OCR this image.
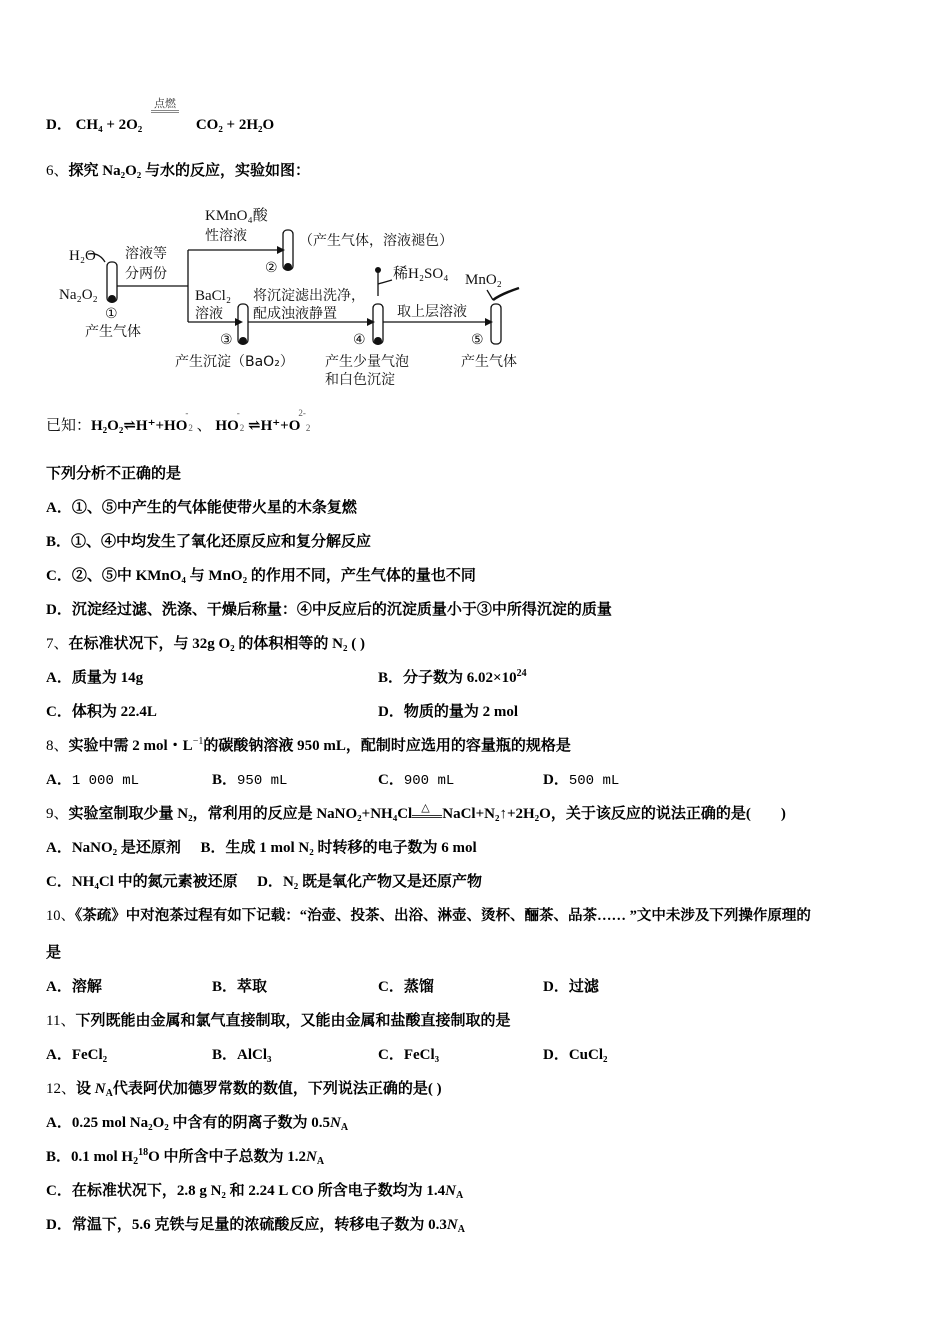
点燃
D． CH₄ + 2O₂	CO₂ + 2H₂O
6、探究 Na₂O₂ 与水的反应，实验如图：
H₂O
Na₂O₂
①
产生气体
溶液等
分两份
KMnO₄酸
性溶液
②
（产生气体，溶液褪色）
BaCl₂
溶液
③
产生沉淀（BaO₂）
将沉淀滤出洗净，
配成浊液静置
稀H₂SO₄
④
产生少量气泡
和白色沉淀
取上层溶液
MnO₂
⑤
产生气体
已知：H₂O₂⇌H⁺+HO-2 、 HO-2 $\rightleftharpoons H^++O^{2-}2$
下列分析不正确的是
A．①、⑤中产生的气体能使带火星的木条复燃
B．①、④中均发生了氧化还原反应和复分解反应
C．②、⑤中 KMnO₄ 与 MnO₂ 的作用不同，产生气体的量也不同
D．沉淀经过滤、洗涤、干燥后称量：④中反应后的沉淀质量小于③中所得沉淀的质量
7、在标准状况下，与 32g O₂ 的体积相等的 N₂ ( )
A．质量为 14g	B．分子数为 $6.02\times 10^{24}$
C．体积为 22.4L	D．物质的量为 2 mol
8、实验中需 2 mol・$L^{-1}$的碳酸钠溶液 950 mL，配制时应选用的容量瓶的规格是
A．1 000 mL	B．950 mL	C．900 mL	D．500 mL
9、实验室制取少量 N₂，常利用的反应是 NaNO₂+NH₄Cl △ NaCl+N₂↑+2H₂O，关于该反应的说法正确的是(　　)
A．NaNO₂ 是还原剂 B．生成 1 mol N₂ 时转移的电子数为 6 mol
C．NH₄Cl 中的氮元素被还原 D．N₂ 既是氧化产物又是还原产物
10、《茶疏》中对泡茶过程有如下记载：“治壶、投茶、出浴、淋壶、烫杯、酾茶、品茶…… ”文中未涉及下列操作原理的
是
A．溶解	B．萃取	C．蒸馏	D．过滤
11、下列既能由金属和氯气直接制取，又能由金属和盐酸直接制取的是
A．FeCl₂	B．AlCl₃	C．FeCl₃	D．CuCl₂
12、设 $N_A$代表阿伏加德罗常数的数值，下列说法正确的是( )
A．0.25 mol Na₂O₂ 中含有的阴离子数为 $0.5N_A$
B．0.1 mol $H_2^{18}O$ 中所含中子总数为 $1.2N_A$
C．在标准状况下，2.8 g N₂ 和 2.24 L CO 所含电子数均为 $1.4N_A$
D．常温下，5.6 克铁与足量的浓硫酸反应，转移电子数为 $0.3N_A$
